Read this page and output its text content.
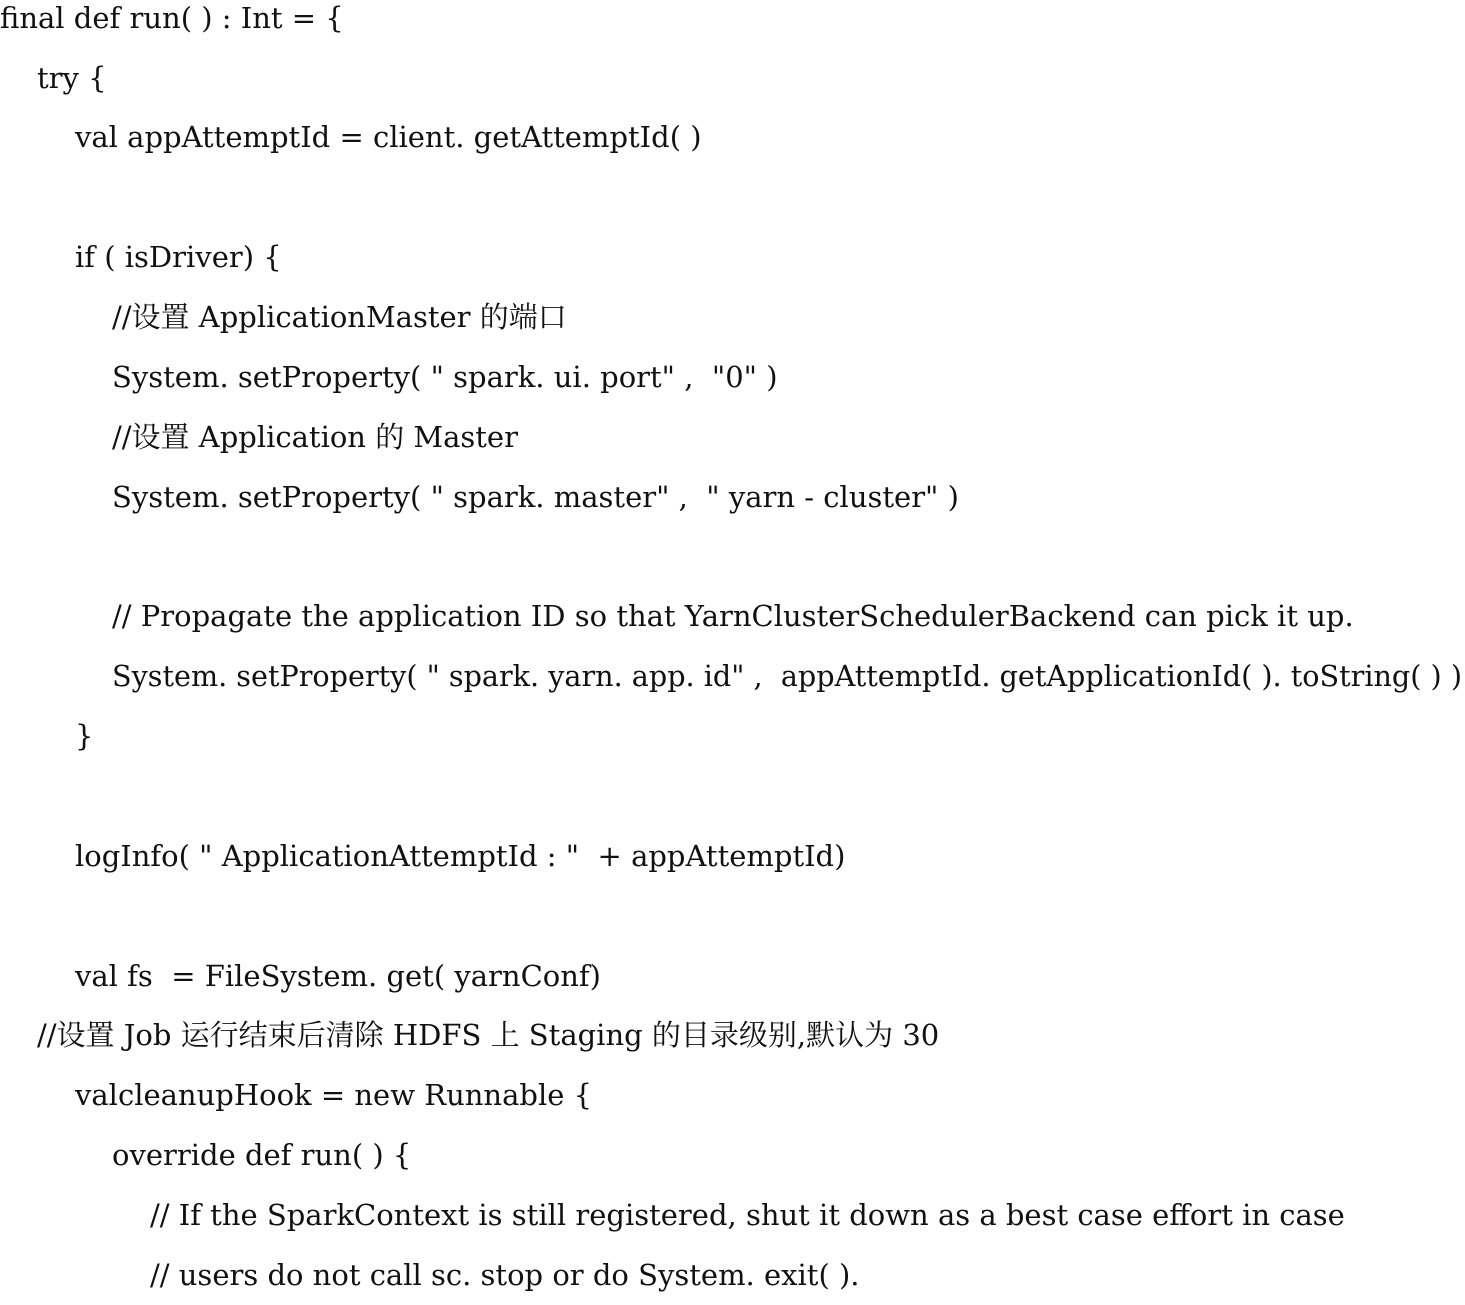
final def run( ) : Int = {
try {
val appAttemptId = client. getAttemptId( )
if ( isDriver) {
//设置 ApplicationMaster 的端口
System. setProperty( " spark. ui. port" ,  "0" )
//设置 Application 的 Master
System. setProperty( " spark. master" ,  " yarn - cluster" )
// Propagate the application ID so that YarnClusterSchedulerBackend can pick it up.
System. setProperty( " spark. yarn. app. id" ,  appAttemptId. getApplicationId( ). toString( ) )
}
logInfo( " ApplicationAttemptId : "  + appAttemptId)
val fs  = FileSystem. get( yarnConf)
//设置 Job 运行结束后清除 HDFS 上 Staging 的目录级别,默认为 30
valcleanupHook = new Runnable {
override def run( ) {
// If the SparkContext is still registered, shut it down as a best case effort in case
// users do not call sc. stop or do System. exit( ).
